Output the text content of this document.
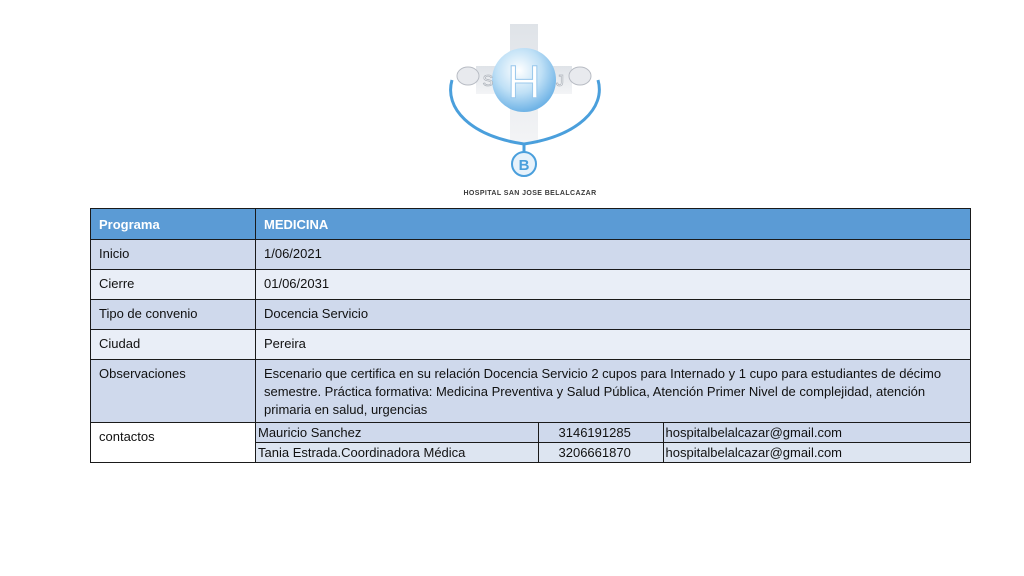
H
S	J
B
HOSPITAL SAN JOSE BELALCAZAR
Programa	MEDICINA
Inicio	1/06/2021
Cierre	01/06/2031
Tipo de convenio	Docencia Servicio
Ciudad	Pereira
Observaciones	Escenario que certifica en su relación Docencia Servicio 2 cupos para Internado y 1 cupo para estudiantes de décimo semestre. Práctica formativa: Medicina Preventiva y Salud Pública, Atención Primer Nivel de complejidad, atención primaria en salud, urgencias
contactos		Mauricio Sanchez	3146191285	hospitalbelalcazar@gmail.com
Tania Estrada.Coordinadora Médica	3206661870	hospitalbelalcazar@gmail.com
